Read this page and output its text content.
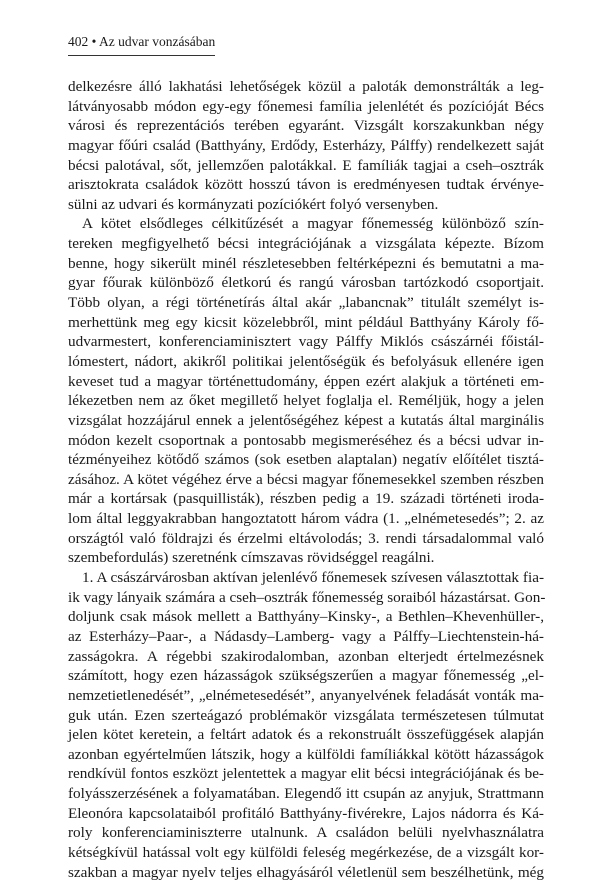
402 • Az udvar vonzásában
delkezésre álló lakhatási lehetőségek közül a paloták demonstrálták a leg-
látványosabb módon egy-egy főnemesi família jelenlétét és pozícióját Bécs
városi és reprezentációs terében egyaránt. Vizsgált korszakunkban négy
magyar főúri család (Batthyány, Erdődy, Esterházy, Pálffy) rendelkezett saját
bécsi palotával, sőt, jellemzően palotákkal. E famíliák tagjai a cseh–osztrák
arisztokrata családok között hosszú távon is eredményesen tudtak érvénye-
sülni az udvari és kormányzati pozíciókért folyó versenyben.
A kötet elsődleges célkitűzését a magyar főnemesség különböző szín-
tereken megfigyelhető bécsi integrációjának a vizsgálata képezte. Bízom
benne, hogy sikerült minél részletesebben feltérképezni és bemutatni a ma-
gyar főurak különböző életkorú és rangú városban tartózkodó csoportjait.
Több olyan, a régi történetírás által akár „labancnak” titulált személyt is-
merhettünk meg egy kicsit közelebbről, mint például Batthyány Károly fő-
udvarmestert, konferenciaminisztert vagy Pálffy Miklós császárnéi főistál-
lómestert, nádort, akikről politikai jelentőségük és befolyásuk ellenére igen
keveset tud a magyar történettudomány, éppen ezért alakjuk a történeti em-
lékezetben nem az őket megillető helyet foglalja el. Reméljük, hogy a jelen
vizsgálat hozzájárul ennek a jelentőségéhez képest a kutatás által marginális
módon kezelt csoportnak a pontosabb megismeréséhez és a bécsi udvar in-
tézményeihez kötődő számos (sok esetben alaptalan) negatív előítélet tisztá-
zásához. A kötet végéhez érve a bécsi magyar főnemesekkel szemben részben
már a kortársak (pasquillisták), részben pedig a 19. századi történeti iroda-
lom által leggyakrabban hangoztatott három vádra (1. „elnémetesedés”; 2. az
országtól való földrajzi és érzelmi eltávolodás; 3. rendi társadalommal való
szembefordulás) szeretnénk címszavas rövidséggel reagálni.
1. A császárvárosban aktívan jelenlévő főnemesek szívesen választottak fia-
ik vagy lányaik számára a cseh–osztrák főnemesség soraiból házastársat. Gon-
doljunk csak mások mellett a Batthyány–Kinsky-, a Bethlen–Khevenhüller-,
az Esterházy–Paar-, a Nádasdy–Lamberg- vagy a Pálffy–Liechtenstein-há-
zasságokra. A régebbi szakirodalomban, azonban elterjedt értelmezésnek
számított, hogy ezen házasságok szükségszerűen a magyar főnemesség „el-
nemzetietlenedését”, „elnémetesedését”, anyanyelvének feladását vonták ma-
guk után. Ezen szerteágazó problémakör vizsgálata természetesen túlmutat
jelen kötet keretein, a feltárt adatok és a rekonstruált összefüggések alapján
azonban egyértelműen látszik, hogy a külföldi famíliákkal kötött házasságok
rendkívül fontos eszközt jelentettek a magyar elit bécsi integrációjának és be-
folyásszerzésének a folyamatában. Elegendő itt csupán az anyjuk, Strattmann
Eleonóra kapcsolataiból profitáló Batthyány-fivérekre, Lajos nádorra és Ká-
roly konferenciaminiszterre utalnunk. A családon belüli nyelvhasználatra
kétségkívül hatással volt egy külföldi feleség megérkezése, de a vizsgált kor-
szakban a magyar nyelv teljes elhagyásáról véletlenül sem beszélhetünk, még
